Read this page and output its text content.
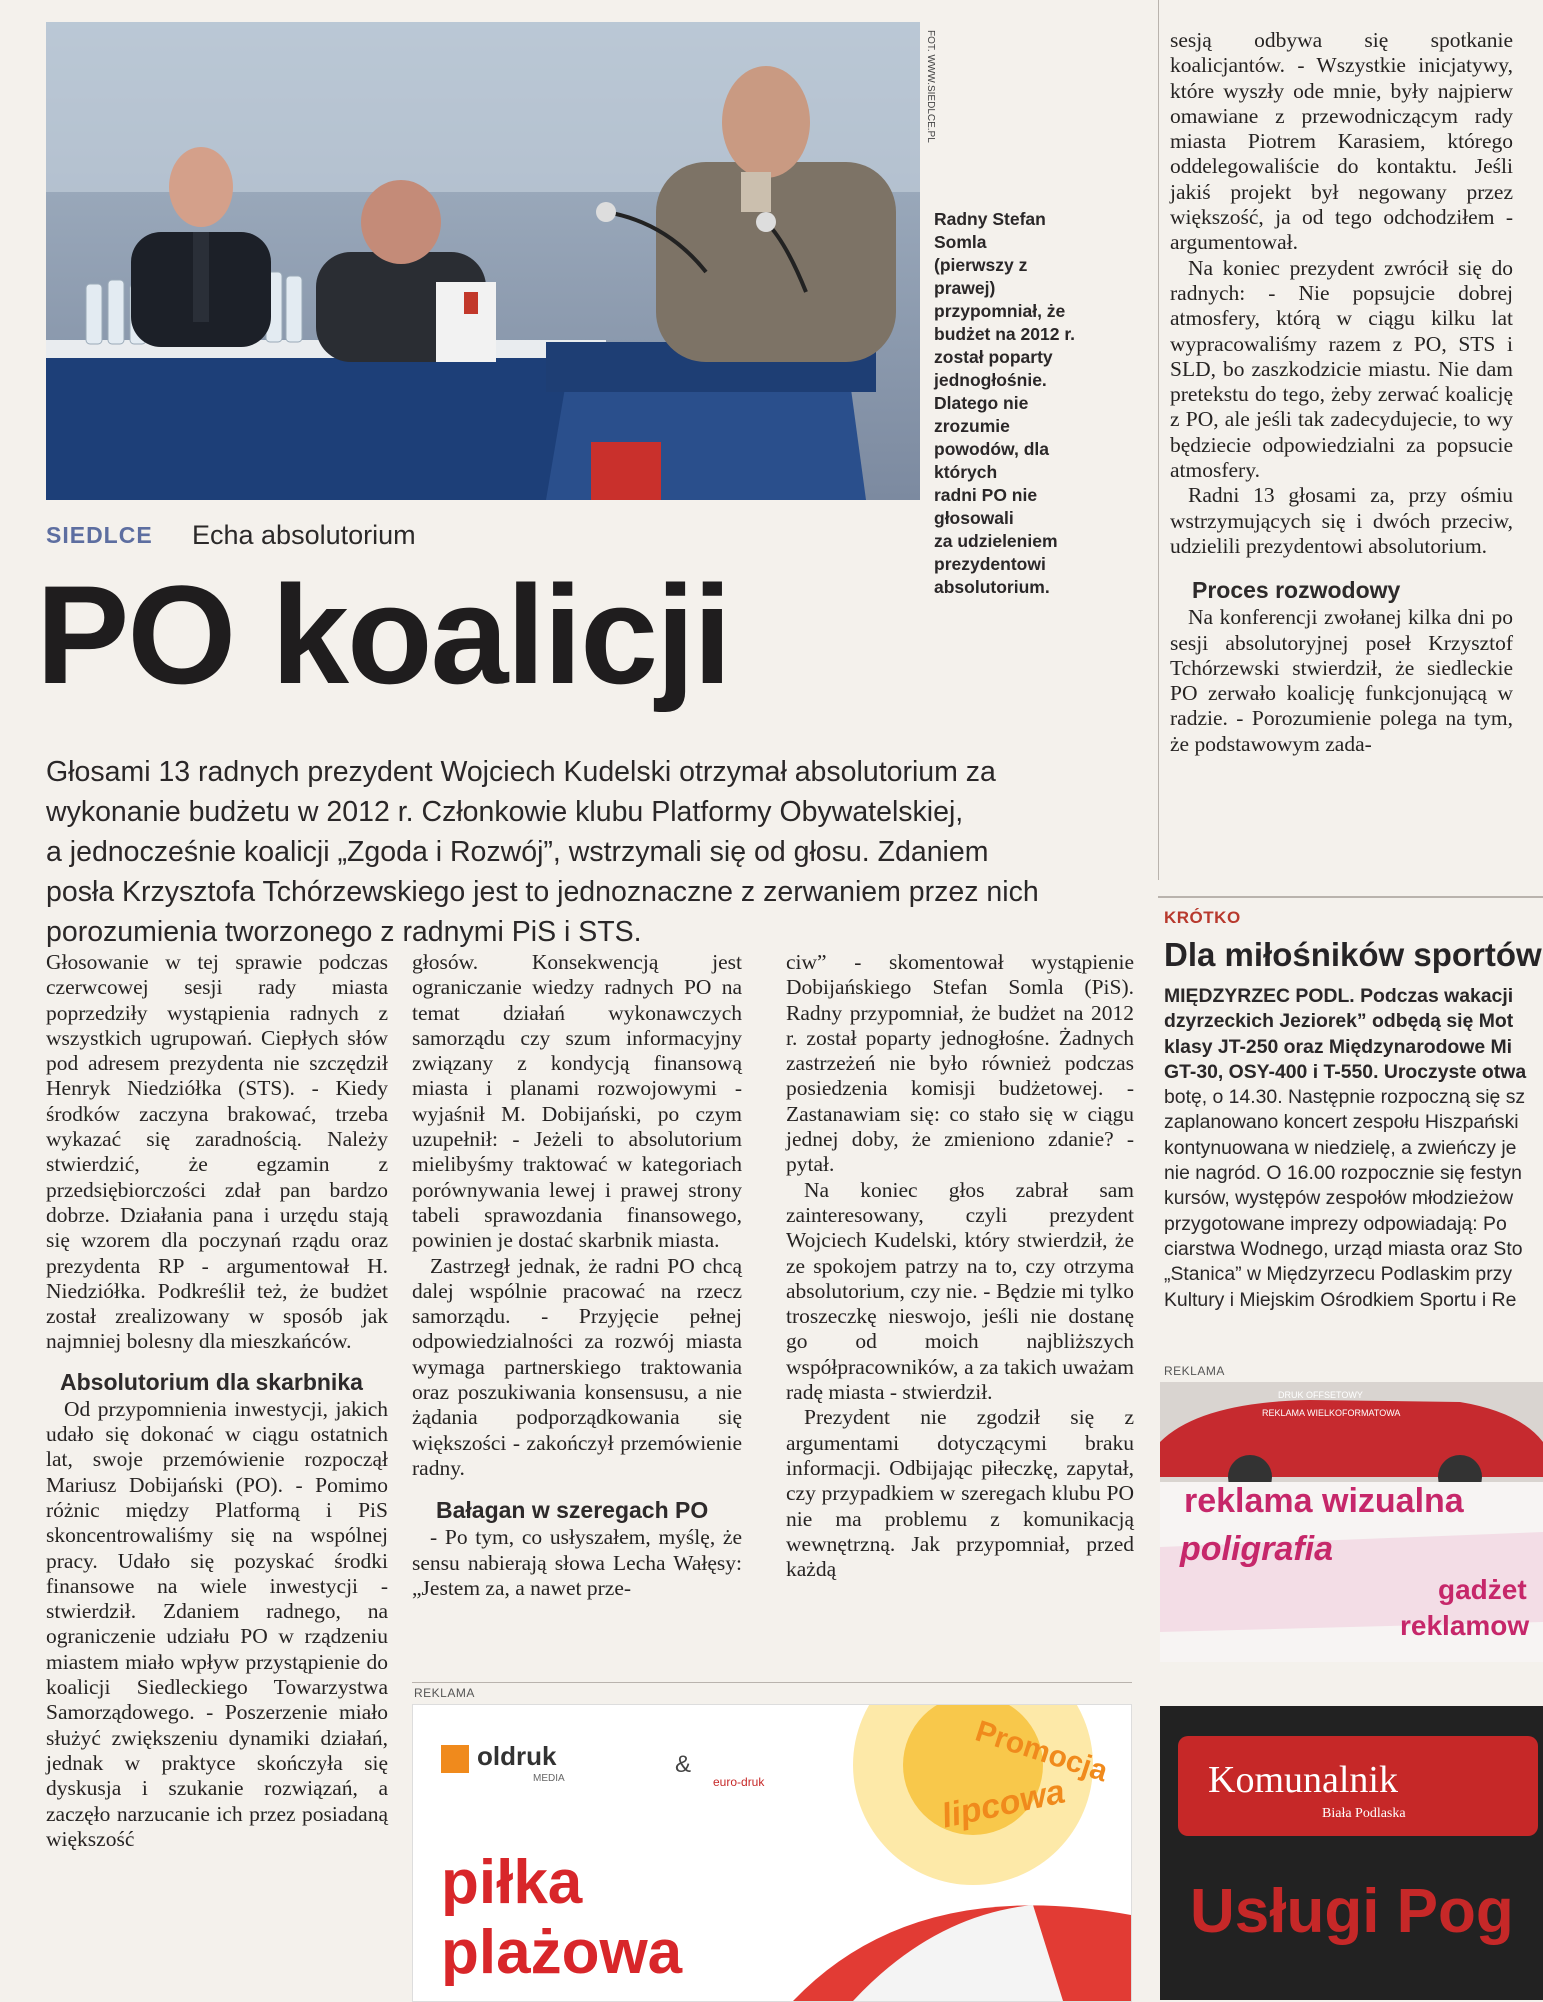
FOT. WWW.SIEDLCE.PL
Radny Stefan Somla
(pierwszy z prawej)
przypomniał, że
budżet na 2012 r.
został poparty
jednogłośnie.
Dlatego nie zrozumie
powodów, dla których
radni PO nie głosowali
za udzieleniem
prezydentowi
absolutorium.
SIEDLCE Echa absolutorium
PO koalicji
Głosami 13 radnych prezydent Wojciech Kudelski otrzymał absolutorium za
wykonanie budżetu w 2012 r. Członkowie klubu Platformy Obywatelskiej,
a jednocześnie koalicji „Zgoda i Rozwój”, wstrzymali się od głosu. Zdaniem
posła Krzysztofa Tchórzewskiego jest to jednoznaczne z zerwaniem przez nich
porozumienia tworzonego z radnymi PiS i STS.

Głosowanie w tej sprawie podczas czerwcowej sesji rady miasta poprzedziły wystąpienia radnych z wszystkich ugrupowań. Ciepłych słów pod adresem prezydenta nie szczędził Henryk Niedziółka (STS). - Kiedy środków zaczyna brakować, trzeba wykazać się zaradnością. Należy stwierdzić, że egzamin z przedsiębiorczości zdał pan bardzo dobrze. Działania pana i urzędu stają się wzorem dla poczynań rządu oraz prezydenta RP - argumentował H. Niedziółka. Podkreślił też, że budżet został zrealizowany w sposób jak najmniej bolesny dla mieszkańców.

Absolutorium dla skarbnika

Od przypomnienia inwestycji, jakich udało się dokonać w ciągu ostatnich lat, swoje przemówienie rozpoczął Mariusz Dobijański (PO). - Pomimo różnic między Platformą i PiS skoncentrowaliśmy się na wspólnej pracy. Udało się pozyskać środki finansowe na wiele inwestycji - stwierdził. Zdaniem radnego, na ograniczenie udziału PO w rządzeniu miastem miało wpływ przystąpienie do koalicji Siedleckiego Towarzystwa Samorządowego. - Poszerzenie miało służyć zwiększeniu dynamiki działań, jednak w praktyce skończyła się dyskusja i szukanie rozwiązań, a zaczęło narzucanie ich przez posiadaną większość

głosów. Konsekwencją jest ograniczanie wiedzy radnych PO na temat działań wykonawczych samorządu czy szum informacyjny związany z kondycją finansową miasta i planami rozwojowymi - wyjaśnił M. Dobijański, po czym uzupełnił: - Jeżeli to absolutorium mielibyśmy traktować w kategoriach porównywania lewej i prawej strony tabeli sprawozdania finansowego, powinien je dostać skarbnik miasta.

Zastrzegł jednak, że radni PO chcą dalej wspólnie pracować na rzecz samorządu. - Przyjęcie pełnej odpowiedzialności za rozwój miasta wymaga partnerskiego traktowania oraz poszukiwania konsensusu, a nie żądania podporządkowania się większości - zakończył przemówienie radny.

Bałagan w szeregach PO

- Po tym, co usłyszałem, myślę, że sensu nabierają słowa Lecha Wałęsy: „Jestem za, a nawet prze-

ciw” - skomentował wystąpienie Dobijańskiego Stefan Somla (PiS). Radny przypomniał, że budżet na 2012 r. został poparty jednogłośne. Żadnych zastrzeżeń nie było również podczas posiedzenia komisji budżetowej. - Zastanawiam się: co stało się w ciągu jednej doby, że zmieniono zdanie? - pytał.

Na koniec głos zabrał sam zainteresowany, czyli prezydent Wojciech Kudelski, który stwierdził, że ze spokojem patrzy na to, czy otrzyma absolutorium, czy nie. - Będzie mi tylko troszeczkę nieswojo, jeśli nie dostanę go od moich najbliższych współpracowników, a za takich uważam radę miasta - stwierdził.

Prezydent nie zgodził się z argumentami dotyczącymi braku informacji. Odbijając piłeczkę, zapytał, czy przypadkiem w szeregach klubu PO nie ma problemu z komunikacją wewnętrzną. Jak przypomniał, przed każdą

sesją odbywa się spotkanie koalicjantów. - Wszystkie inicjatywy, które wyszły ode mnie, były najpierw omawiane z przewodniczącym rady miasta Piotrem Karasiem, którego oddelegowaliście do kontaktu. Jeśli jakiś projekt był negowany przez większość, ja od tego odchodziłem - argumentował.

Na koniec prezydent zwrócił się do radnych: - Nie popsujcie dobrej atmosfery, którą w ciągu kilku lat wypracowaliśmy razem z PO, STS i SLD, bo zaszkodzicie miastu. Nie dam pretekstu do tego, żeby zerwać koalicję z PO, ale jeśli tak zadecydujecie, to wy będziecie odpowiedzialni za popsucie atmosfery.

Radni 13 głosami za, przy ośmiu wstrzymujących się i dwóch przeciw, udzielili prezydentowi absolutorium.

Proces rozwodowy

Na konferencji zwołanej kilka dni po sesji absolutoryjnej poseł Krzysztof Tchórzewski stwierdził, że siedleckie PO zerwało koalicję funkcjonującą w radzie. - Porozumienie polega na tym, że podstawowym zada-

KRÓTKO
Dla miłośników sportów

MIĘDZYRZEC PODL. Podczas wakacji

dzyrzeckich Jeziorek” odbędą się Mot

klasy JT-250 oraz Międzynarodowe Mi

GT-30, OSY-400 i T-550. Uroczyste otwa

botę, o 14.30. Następnie rozpoczną się sz

zaplanowano koncert zespołu Hiszpański

kontynuowana w niedzielę, a zwieńczy je

nie nagród. O 16.00 rozpocznie się festyn

kursów, występów zespołów młodzieżow

przygotowane imprezy odpowiadają: Po

ciarstwa Wodnego, urząd miasta oraz Sto

„Stanica” w Międzyrzecu Podlaskim przy

Kultury i Miejskim Ośrodkiem Sportu i Re

REKLAMA
DRUK OFFSETOWY
REKLAMA WIELKOFORMATOWA
reklama wizualna
poligrafia
gadżet
reklamow
Komunalnik
Biała Podlaska
Usługi Pog
REKLAMA
oldruk
MEDIA
&
euro-druk	Promocja
lipcowa
piłka
plażowa
